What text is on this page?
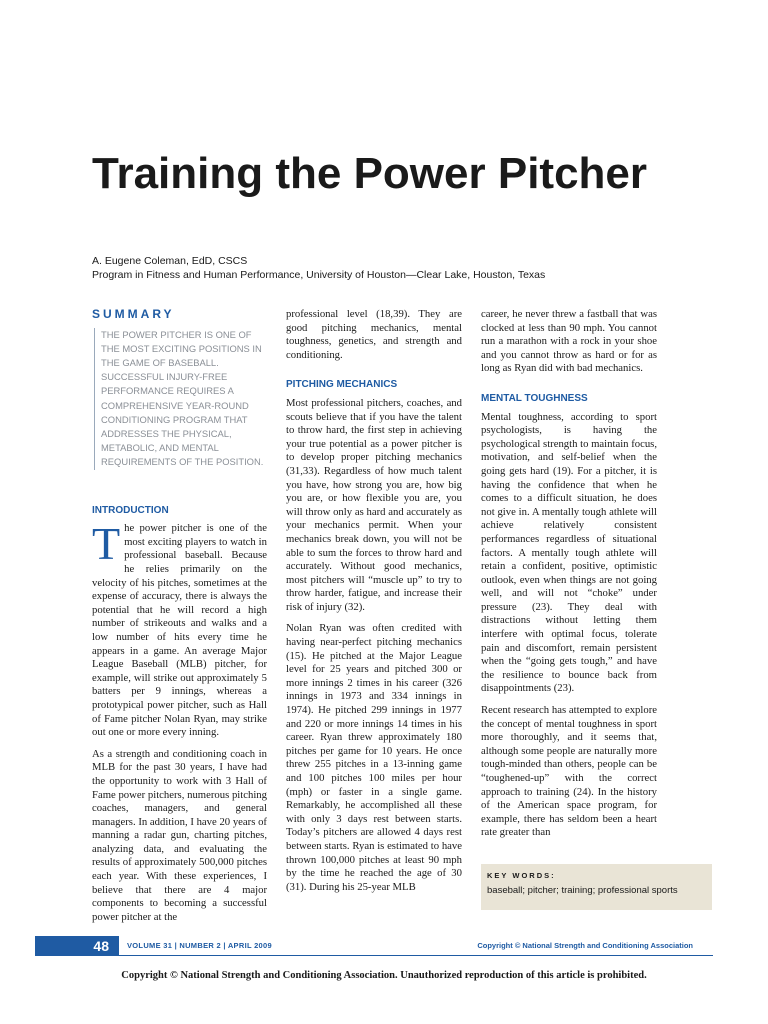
Training the Power Pitcher
A. Eugene Coleman, EdD, CSCS
Program in Fitness and Human Performance, University of Houston—Clear Lake, Houston, Texas
SUMMARY
THE POWER PITCHER IS ONE OF THE MOST EXCITING POSITIONS IN THE GAME OF BASEBALL. SUCCESSFUL INJURY-FREE PERFORMANCE REQUIRES A COMPREHENSIVE YEAR-ROUND CONDITIONING PROGRAM THAT ADDRESSES THE PHYSICAL, METABOLIC, AND MENTAL REQUIREMENTS OF THE POSITION.
INTRODUCTION

The power pitcher is one of the most exciting players to watch in professional baseball. Because he relies primarily on the velocity of his pitches, sometimes at the expense of accuracy, there is always the potential that he will record a high number of strikeouts and walks and a low number of hits every time he appears in a game. An average Major League Baseball (MLB) pitcher, for example, will strike out approximately 5 batters per 9 innings, whereas a prototypical power pitcher, such as Hall of Fame pitcher Nolan Ryan, may strike out one or more every inning.

As a strength and conditioning coach in MLB for the past 30 years, I have had the opportunity to work with 3 Hall of Fame power pitchers, numerous pitching coaches, managers, and general managers. In addition, I have 20 years of manning a radar gun, charting pitches, analyzing data, and evaluating the results of approximately 500,000 pitches each year. With these experiences, I believe that there are 4 major components to becoming a successful power pitcher at the

professional level (18,39). They are good pitching mechanics, mental toughness, genetics, and strength and conditioning.

PITCHING MECHANICS

Most professional pitchers, coaches, and scouts believe that if you have the talent to throw hard, the first step in achieving your true potential as a power pitcher is to develop proper pitching mechanics (31,33). Regardless of how much talent you have, how strong you are, how big you are, or how flexible you are, you will throw only as hard and accurately as your mechanics permit. When your mechanics break down, you will not be able to sum the forces to throw hard and accurately. Without good mechanics, most pitchers will “muscle up” to try to throw harder, fatigue, and increase their risk of injury (32).

Nolan Ryan was often credited with having near-perfect pitching mechanics (15). He pitched at the Major League level for 25 years and pitched 300 or more innings 2 times in his career (326 innings in 1973 and 334 innings in 1974). He pitched 299 innings in 1977 and 220 or more innings 14 times in his career. Ryan threw approximately 180 pitches per game for 10 years. He once threw 255 pitches in a 13-inning game and 100 pitches 100 miles per hour (mph) or faster in a single game. Remarkably, he accomplished all these with only 3 days rest between starts. Today’s pitchers are allowed 4 days rest between starts. Ryan is estimated to have thrown 100,000 pitches at least 90 mph by the time he reached the age of 30 (31). During his 25-year MLB

career, he never threw a fastball that was clocked at less than 90 mph. You cannot run a marathon with a rock in your shoe and you cannot throw as hard or for as long as Ryan did with bad mechanics.

MENTAL TOUGHNESS

Mental toughness, according to sport psychologists, is having the psychological strength to maintain focus, motivation, and self-belief when the going gets hard (19). For a pitcher, it is having the confidence that when he comes to a difficult situation, he does not give in. A mentally tough athlete will achieve relatively consistent performances regardless of situational factors. A mentally tough athlete will retain a confident, positive, optimistic outlook, even when things are not going well, and will not “choke” under pressure (23). They deal with distractions without letting them interfere with optimal focus, tolerate pain and discomfort, remain persistent when the “going gets tough,” and have the resilience to bounce back from disappointments (23).

Recent research has attempted to explore the concept of mental toughness in sport more thoroughly, and it seems that, although some people are naturally more tough-minded than others, people can be “toughened-up” with the correct approach to training (24). In the history of the American space program, for example, there has seldom been a heart rate greater than

KEY WORDS:
baseball; pitcher; training; professional sports
48	VOLUME 31 | NUMBER 2 | APRIL 2009	Copyright © National Strength and Conditioning Association
Copyright © National Strength and Conditioning Association. Unauthorized reproduction of this article is prohibited.
